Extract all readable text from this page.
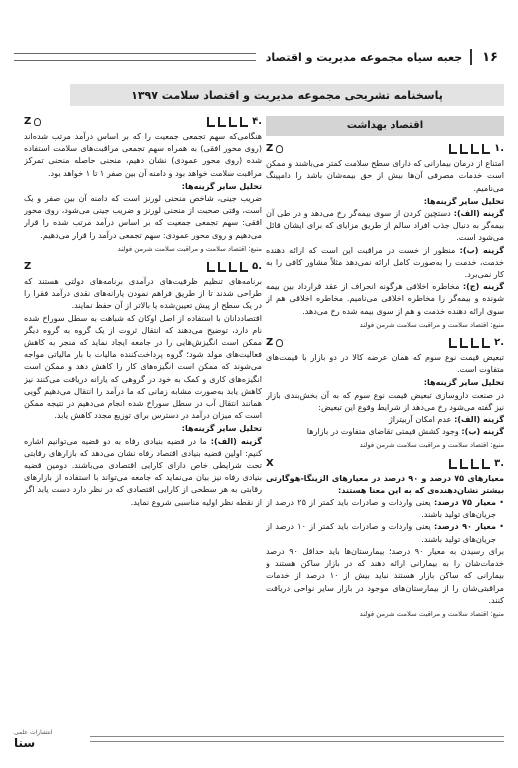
۱۶
جعبه سیاه مجموعه مدیریت و اقتصاد
پاسخنامه تشریحی مجموعه مدیریت و اقتصاد سلامت ۱۳۹۷
اقتصاد بهداشت
Z	۱.

امتناع از درمان بیمارانی که دارای سطح سلامت کمتر می‌باشند و ممکن است خدمات مصرفی آن‌ها بیش از حق بیمه‌شان باشد را دامپینگ می‌نامیم.

تحلیل سایر گزینه‌ها:

گزینه (الف): دستچین کردن از سوی بیمه‌گر رخ می‌دهد و در طی آن بیمه‌گر به دنبال جذب افراد سالم از طریق مزایای که برای ایشان قائل می‌شود است.

گزینه (ب): منظور از خست در مراقبت این است که ارائه دهنده خدمت، خدمت را به‌صورت کامل ارائه نمی‌دهد مثلاً مشاور کافی را به کار نمی‌برد.

گزینه (ج): مخاطره اخلاقی هرگونه انحراف از عقد قرارداد بین بیمه شونده و بیمه‌گر را مخاطره اخلاقی می‌نامیم. مخاطره اخلاقی هم از سوی ارائه دهنده خدمت و هم از سوی بیمه شده رخ می‌دهد.

منبع: اقتصاد سلامت و مراقبت سلامت شرمن فولند
Z	۲.

تبعیض قیمت نوع سوم که همان عرضه کالا در دو بازار با قیمت‌های متفاوت است.

تحلیل سایر گزینه‌ها:

در صنعت داروسازی تبعیض قیمت نوع سوم که به آن بخش‌بندی بازار نیز گفته می‌شود رخ می‌دهد از شرایط وقوع این تبعیض:

گزینه (الف): عدم امکان آربیتراژ

گزینه (ب): وجود کشش قیمتی تقاضای متفاوت در بازارها

منبع: اقتصاد سلامت و مراقبت سلامت شرمن فولند
X	۳.

معیارهای ۷۵ درصد و ۹۰ درصد در معیارهای الزینگا-هوگارتی بیشتر نشان‌دهنده‌ی که به این معنا هستند:

• معیار ۷۵ درصد: یعنی واردات و صادرات باید کمتر از ۲۵ درصد از جریان‌های تولید باشند.

• معیار ۹۰ درصد: یعنی واردات و صادرات باید کمتر از ۱۰ درصد از جریان‌های تولید باشند.

برای رسیدن به معیار ۹۰ درصد؛ بیمارستان‌ها باید حداقل ۹۰ درصد خدمات‌شان را به بیمارانی ارائه دهند که در بازار ساکن هستند و بیمارانی که ساکن بازار هستند نباید بیش از ۱۰ درصد از خدمات مراقبتی‌شان را از بیمارستان‌های موجود در بازار سایر نواحی دریافت کنند.

منبع: اقتصاد سلامت و مراقبت سلامت شرمن فولند
Z	۴.

هنگامی‌که سهم تجمعی جمعیت را که بر اساس درآمد مرتب شده‌اند (روی محور افقی) به همراه سهم تجمعی مراقبت‌های سلامت استفاده شده (روی محور عمودی) نشان دهیم، منحنی حاصله منحنی تمرکز مراقبت سلامت خواهد بود و دامنه آن بین صفر ۱ تا ۱ خواهد بود.

تحلیل سایر گزینه‌ها:

ضریب جینی، شاخص منحنی لورنز است که دامنه آن بین صفر و یک است، وقتی صحبت از منحنی لورنز و ضریب جینی می‌شود، روی محور افقی: سهم تجمعی جمعیت که بر اساس درآمد مرتب شده را قرار می‌دهیم و روی محور عمودی: سهم تجمعی درآمد را قرار می‌دهیم.

منبع: اقتصاد سلامت و مراقبت سلامت شرمن فولند
Z	۵.

برنامه‌های تنظیم ظرفیت‌های درآمدی برنامه‌های دولتی هستند که طراحی شدند تا از طریق فراهم نمودن یارانه‌های نقدی درآمد فقرا را در یک سطح از پیش تعیین‌شده یا بالاتر از آن حفظ نمایند.

اقتصاددانان با استفاده از اصل اوکان که شباهت به سطل سوراخ شده نام دارد، توضیح می‌دهند که انتقال ثروت از یک گروه به گروه دیگر ممکن است انگیزش‌هایی را در جامعه ایجاد نماید که منجر به کاهش فعالیت‌های مولد شود؛ گروه پرداخت‌کننده مالیات با بار مالیاتی مواجه می‌شوند که ممکن است انگیزه‌های کار را کاهش دهد و ممکن است انگیزه‌های کاری و کمک به خود در گروهی که یارانه دریافت می‌کنند نیز کاهش یابد به‌صورت مشابه زمانی که ما درآمد را انتقال می‌دهیم گویی همانند انتقال آب در سطل سوراخ شده انجام می‌دهیم در نتیجه ممکن است که میزان درآمد در دسترس برای توزیع مجدد کاهش یابد.

تحلیل سایر گزینه‌ها:

گزینه (الف): ما در قضیه بنیادی رفاه به دو قضیه می‌توانیم اشاره کنیم: اولین قضیه بنیادی اقتصاد رفاه نشان می‌دهد که بازارهای رقابتی تحت شرایطی خاص دارای کارایی اقتصادی می‌باشند. دومین قضیه بنیادی رفاه نیز بیان می‌نماید که جامعه می‌تواند با استفاده از بازارهای رقابتی به هر سطحی از کارایی اقتصادی که در نظر دارد دست یابد اگر از نقطه نظر اولیه مناسبی شروع نماید.

انتشارات علمی
سنا
